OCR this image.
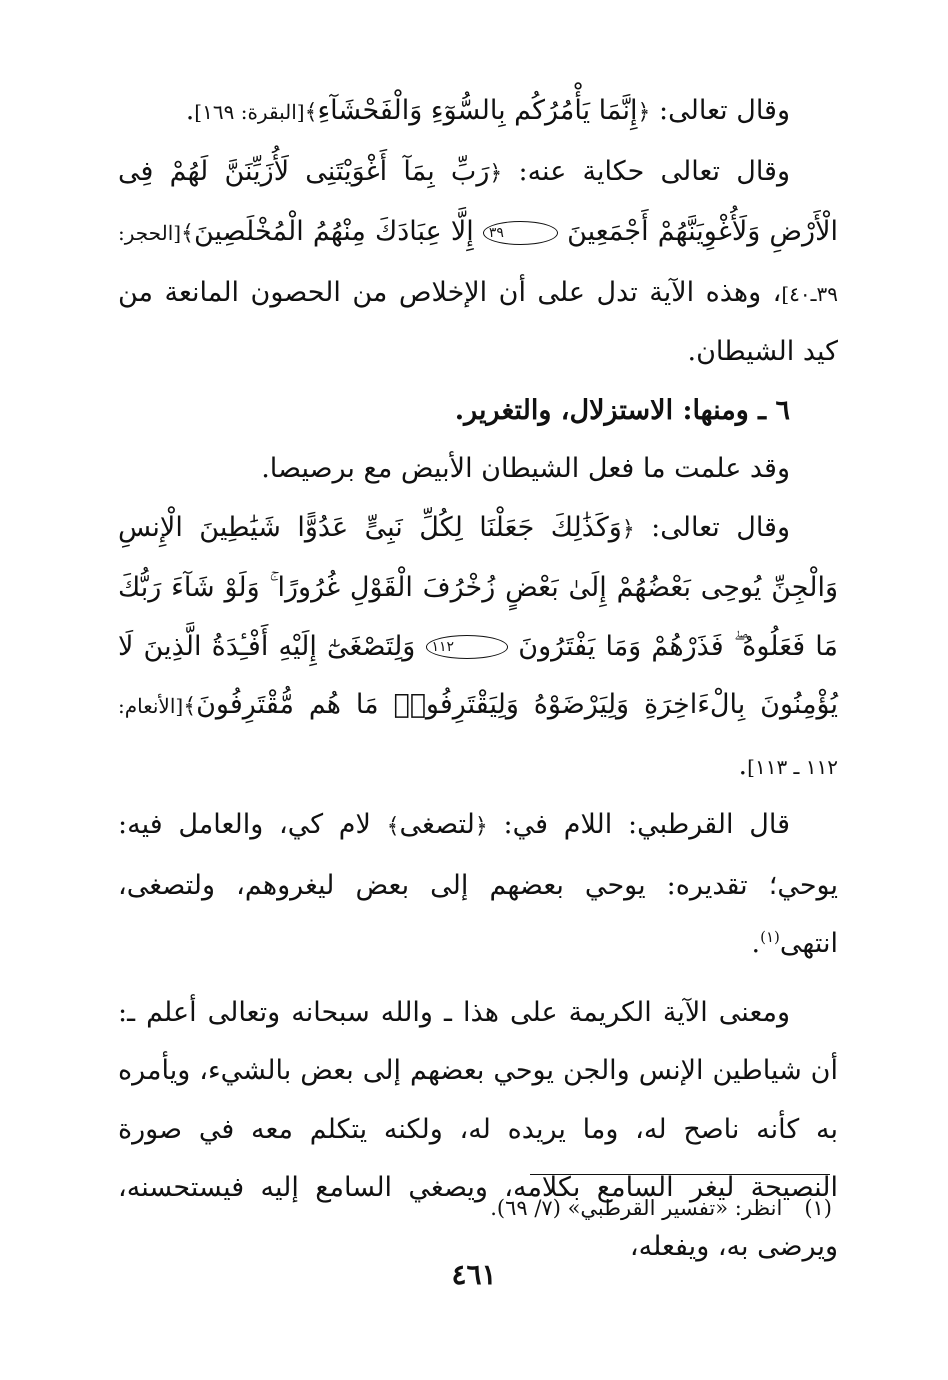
وقال تعالى: ﴿إِنَّمَا يَأْمُرُكُم بِالسُّوٓءِ وَالْفَحْشَآءِ﴾[البقرة: ١٦٩].

وقال تعالى حكاية عنه: ﴿رَبِّ بِمَآ أَغْوَيْتَنِى لَأُزَيِّنَنَّ لَهُمْ فِى الْأَرْضِ وَلَأُغْوِيَنَّهُمْ أَجْمَعِينَ ٣٩ إِلَّا عِبَادَكَ مِنْهُمُ الْمُخْلَصِينَ﴾[الحجر: ٣٩ـ٤٠]، وهذه الآية تدل على أن الإخلاص من الحصون المانعة من كيد الشيطان.

٦ ـ ومنها: الاستزلال، والتغرير.

وقد علمت ما فعل الشيطان الأبيض مع برصيصا.

وقال تعالى: ﴿وَكَذَٰلِكَ جَعَلْنَا لِكُلِّ نَبِىٍّ عَدُوًّا شَيَٰطِينَ الْإِنسِ وَالْجِنِّ يُوحِى بَعْضُهُمْ إِلَىٰ بَعْضٍ زُخْرُفَ الْقَوْلِ غُرُورًا ۚ وَلَوْ شَآءَ رَبُّكَ مَا فَعَلُوهُ ۖ فَذَرْهُمْ وَمَا يَفْتَرُونَ ١١٢ وَلِتَصْغَىٰٓ إِلَيْهِ أَفْـِٔدَةُ الَّذِينَ لَا يُؤْمِنُونَ بِالْءَاخِرَةِ وَلِيَرْضَوْهُ وَلِيَقْتَرِفُوا۟ مَا هُم مُّقْتَرِفُونَ﴾[الأنعام: ١١٢ ـ ١١٣].

قال القرطبي: اللام في: ﴿لتصغى﴾ لام كي، والعامل فيه: يوحي؛ تقديره: يوحي بعضهم إلى بعض ليغروهم، ولتصغى، انتهى$^{(١)}$.

ومعنى الآية الكريمة على هذا ـ والله سبحانه وتعالى أعلم ـ: أن شياطين الإنس والجن يوحي بعضهم إلى بعض بالشيء، ويأمره به كأنه ناصح له، وما يريده له، ولكنه يتكلم معه في صورة النصيحة ليغر السامع بكلامه، ويصغي السامع إليه فيستحسنه، ويرضى به، ويفعله،

(١)انظر: «تفسير القرطبي» (٧/ ٦٩).
٤٦١
